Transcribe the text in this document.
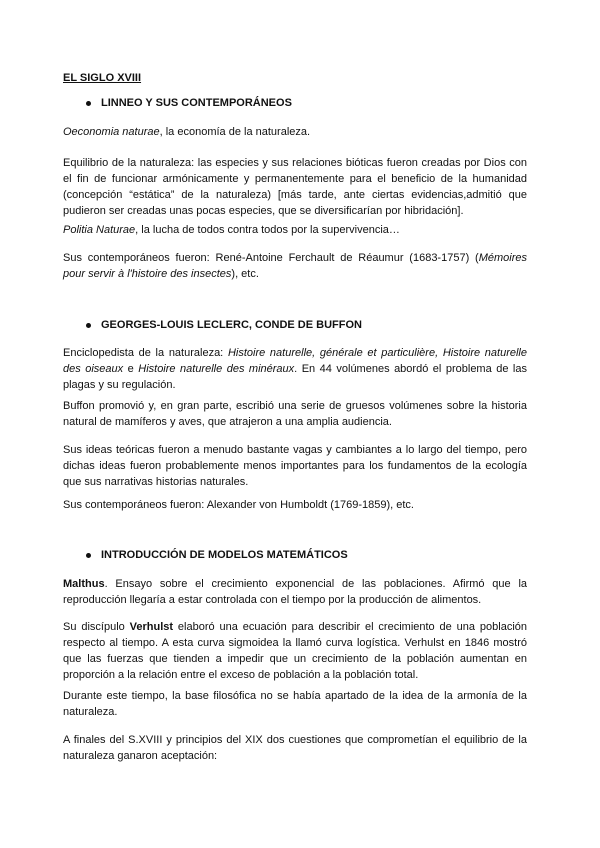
EL SIGLO XVIII
LINNEO Y SUS CONTEMPORÁNEOS

Oeconomia naturae, la economía de la naturaleza.

Equilibrio de la naturaleza: las especies y sus relaciones bióticas fueron creadas por Dios con el fin de funcionar armónicamente y permanentemente para el beneficio de la humanidad (concepción “estática” de la naturaleza) [más tarde, ante ciertas evidencias,admitió que pudieron ser creadas unas pocas especies, que se diversificarían por hibridación].

Politia Naturae, la lucha de todos contra todos por la supervivencia…

Sus contemporáneos fueron: René-Antoine Ferchault de Réaumur (1683-1757) (Mémoires pour servir à l'histoire des insectes), etc.

GEORGES-LOUIS LECLERC, CONDE DE BUFFON

Enciclopedista de la naturaleza: Histoire naturelle, générale et particulière, Histoire naturelle des oiseaux e Histoire naturelle des minéraux. En 44 volúmenes abordó el problema de las plagas y su regulación.

Buffon promovió y, en gran parte, escribió una serie de gruesos volúmenes sobre la historia natural de mamíferos y aves, que atrajeron a una amplia audiencia.

Sus ideas teóricas fueron a menudo bastante vagas y cambiantes a lo largo del tiempo, pero dichas ideas fueron probablemente menos importantes para los fundamentos de la ecología que sus narrativas historias naturales.

Sus contemporáneos fueron: Alexander von Humboldt (1769-1859), etc.

INTRODUCCIÓN DE MODELOS MATEMÁTICOS

Malthus. Ensayo sobre el crecimiento exponencial de las poblaciones. Afirmó que la reproducción llegaría a estar controlada con el tiempo por la producción de alimentos.

Su discípulo Verhulst elaboró una ecuación para describir el crecimiento de una población respecto al tiempo. A esta curva sigmoidea la llamó curva logística. Verhulst en 1846 mostró que las fuerzas que tienden a impedir que un crecimiento de la población aumentan en proporción a la relación entre el exceso de población a la población total.

Durante este tiempo, la base filosófica no se había apartado de la idea de la armonía de la naturaleza.

A finales del S.XVIII y principios del XIX dos cuestiones que comprometían el equilibrio de la naturaleza ganaron aceptación:
